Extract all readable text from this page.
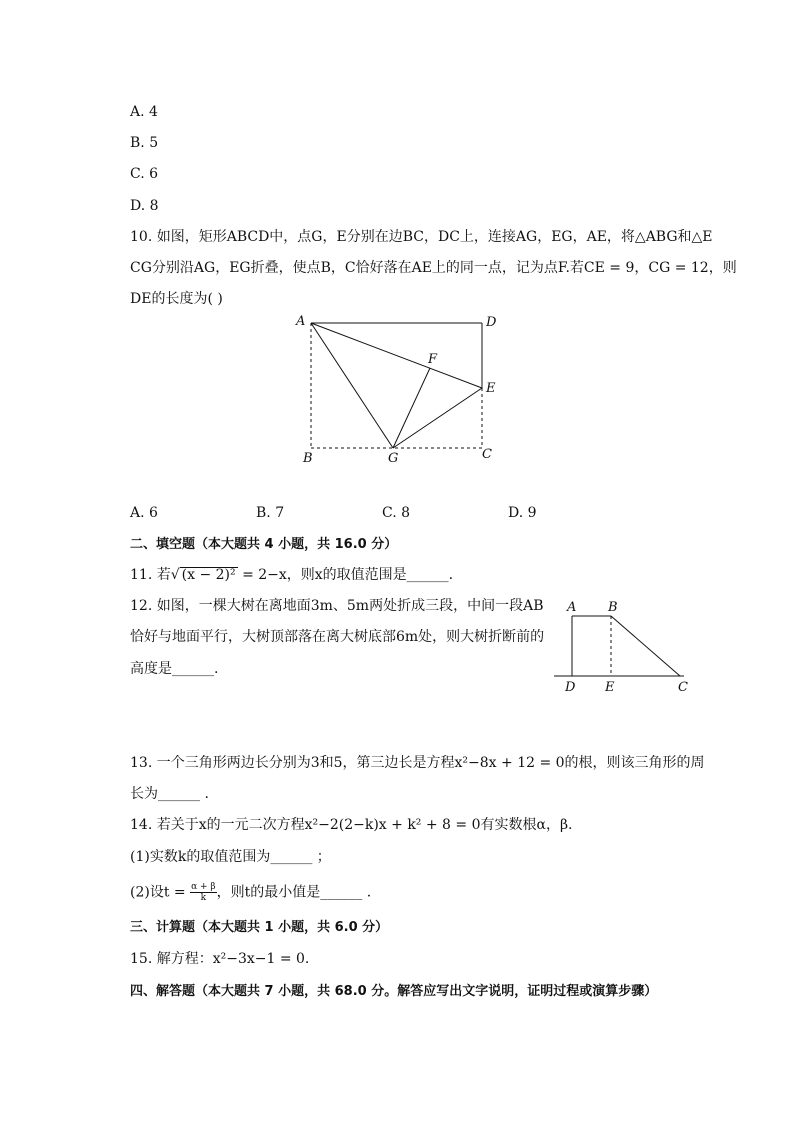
A. 4
B. 5
C. 6
D. 8
10. 如图，矩形ABCD中，点G，E分别在边BC，DC上，连接AG，EG，AE，将△ABG和△E
CG分别沿AG，EG折叠，使点B，C恰好落在AE上的同一点，记为点F.若CE = 9，CG = 12，则
DE的长度为( )
A	D
F
E
B	G	C
A. 6	B. 7	C. 8	D. 9
二、填空题（本大题共 4 小题，共 16.0 分）
11. 若√ (x − 2)² = 2−x，则x的取值范围是______.
12. 如图，一棵大树在离地面3m、5m两处折成三段，中间一段AB
恰好与地面平行，大树顶部落在离大树底部6m处，则大树折断前的
高度是______.
A B
D E	C
13. 一个三角形两边长分别为3和5，第三边长是方程x²−8x + 12 = 0的根，则该三角形的周
长为______ .
14. 若关于x的一元二次方程x²−2(2−k)x + k² + 8 = 0有实数根α，β.
(1)实数k的取值范围为______ ；
(2)设$t = \frac{\alpha + \beta}{k}$ ，则t的最小值是______ .
三、计算题（本大题共 1 小题，共 6.0 分）
15. 解方程：x²−3x−1 = 0.
四、解答题（本大题共 7 小题，共 68.0 分。解答应写出文字说明，证明过程或演算步骤）
